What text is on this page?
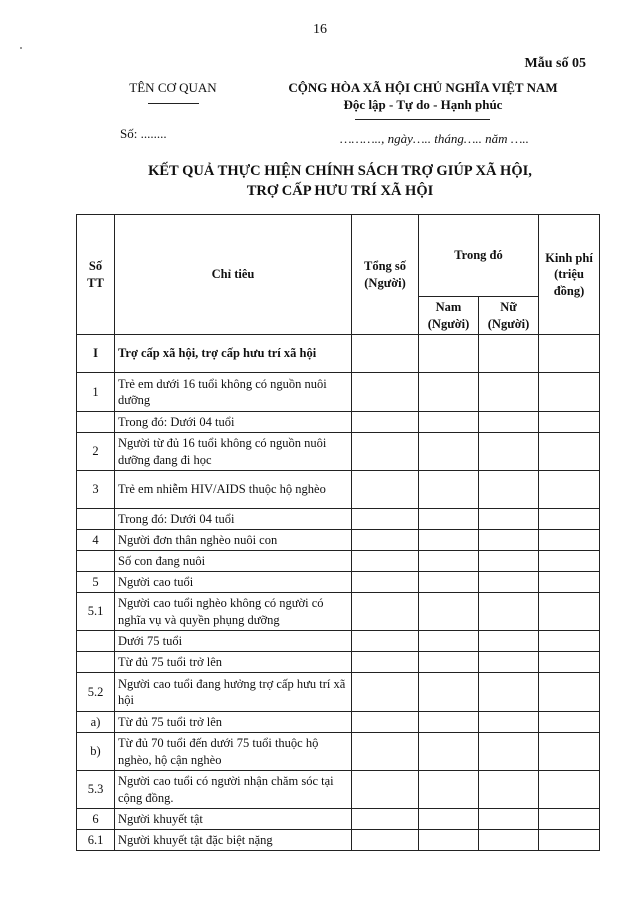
16
Mẫu số 05
TÊN CƠ QUAN	CỘNG HÒA XÃ HỘI CHỦ NGHĨA VIỆT NAM
Độc lập - Tự do - Hạnh phúc
Số: ........	……….., ngày….. tháng….. năm …..
KẾT QUẢ THỰC HIỆN CHÍNH SÁCH TRỢ GIÚP XÃ HỘI,
TRỢ CẤP HƯU TRÍ XÃ HỘI
Số TT	Chỉ tiêu	Tổng số (Người)	Trong đó		Kinh phí (triệu đồng)
			Nam (Người)	Nữ (Người)	
I	Trợ cấp xã hội, trợ cấp hưu trí xã hội				
1	Trẻ em dưới 16 tuổi không có nguồn nuôi dưỡng				
	Trong đó: Dưới 04 tuổi				
2	Người từ đủ 16 tuổi không có nguồn nuôi dưỡng đang đi học				
3	Trẻ em nhiễm HIV/AIDS thuộc hộ nghèo				
	Trong đó: Dưới 04 tuổi				
4	Người đơn thân nghèo nuôi con				
	Số con đang nuôi				
5	Người cao tuổi				
5.1	Người cao tuổi nghèo không có người có nghĩa vụ và quyền phụng dưỡng				
	Dưới 75 tuổi				
	Từ đủ 75 tuổi trở lên				
5.2	Người cao tuổi đang hưởng trợ cấp hưu trí xã hội				
a)	Từ đủ 75 tuổi trở lên				
b)	Từ đủ 70 tuổi đến dưới 75 tuổi thuộc hộ nghèo, hộ cận nghèo				
5.3	Người cao tuổi có người nhận chăm sóc tại cộng đồng.				
6	Người khuyết tật				
6.1	Người khuyết tật đặc biệt nặng				
